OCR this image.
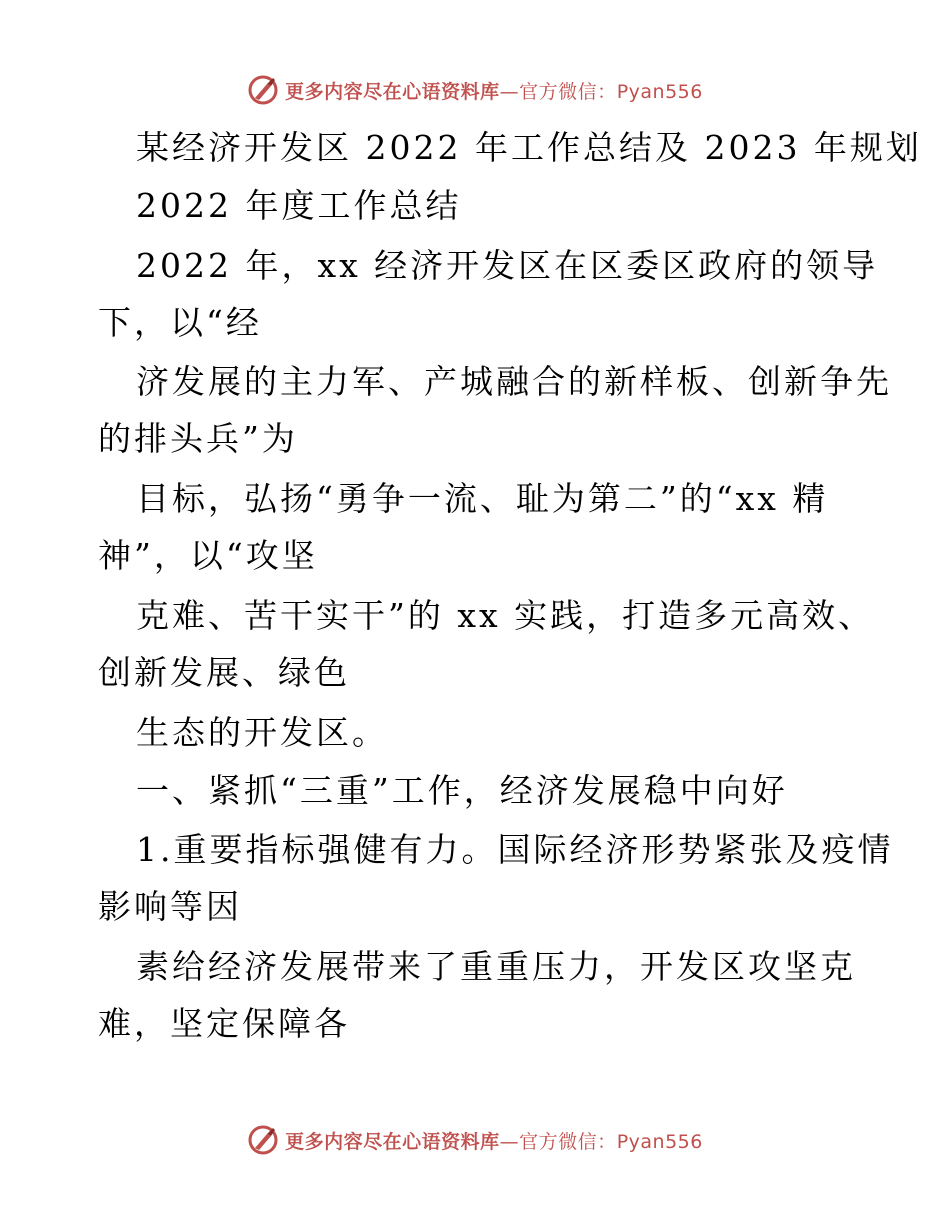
更多内容尽在心语资料库—官方微信：Pyan556
某经济开发区 2022 年工作总结及 2023 年规划
2022 年度工作总结
2022 年，xx 经济开发区在区委区政府的领导
下，以“经
济发展的主力军、产城融合的新样板、创新争先
的排头兵”为
目标，弘扬“勇争一流、耻为第二”的“xx 精
神”，以“攻坚
克难、苦干实干”的 xx 实践，打造多元高效、
创新发展、绿色
生态的开发区。
一、紧抓“三重”工作，经济发展稳中向好
1.重要指标强健有力。国际经济形势紧张及疫情
影响等因
素给经济发展带来了重重压力，开发区攻坚克
难，坚定保障各
更多内容尽在心语资料库—官方微信：Pyan556
